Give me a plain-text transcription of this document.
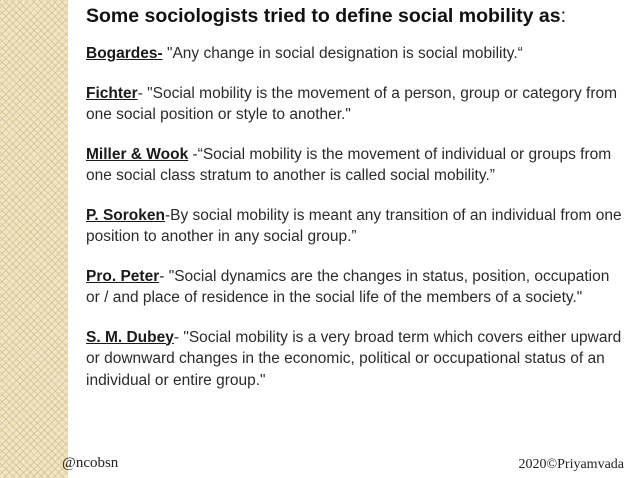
Some sociologists tried to define social mobility as:

Bogardes- "Any change in social designation is social mobility.“

Fichter- "Social mobility is the movement of a person, group or category from one social position or style to another."

Miller & Wook -“Social mobility is the movement of individual or groups from one social class stratum to another is called social mobility.”

P. Soroken-By social mobility is meant any transition of an individual from one position to another in any social group.”

Pro. Peter- "Social dynamics are the changes in status, position, occupation or / and place of residence in the social life of the members of a society."

S. M. Dubey- "Social mobility is a very broad term which covers either upward or downward changes in the economic, political or occupational status of an individual or entire group."

@ncobsn	2020©Priyamvada
